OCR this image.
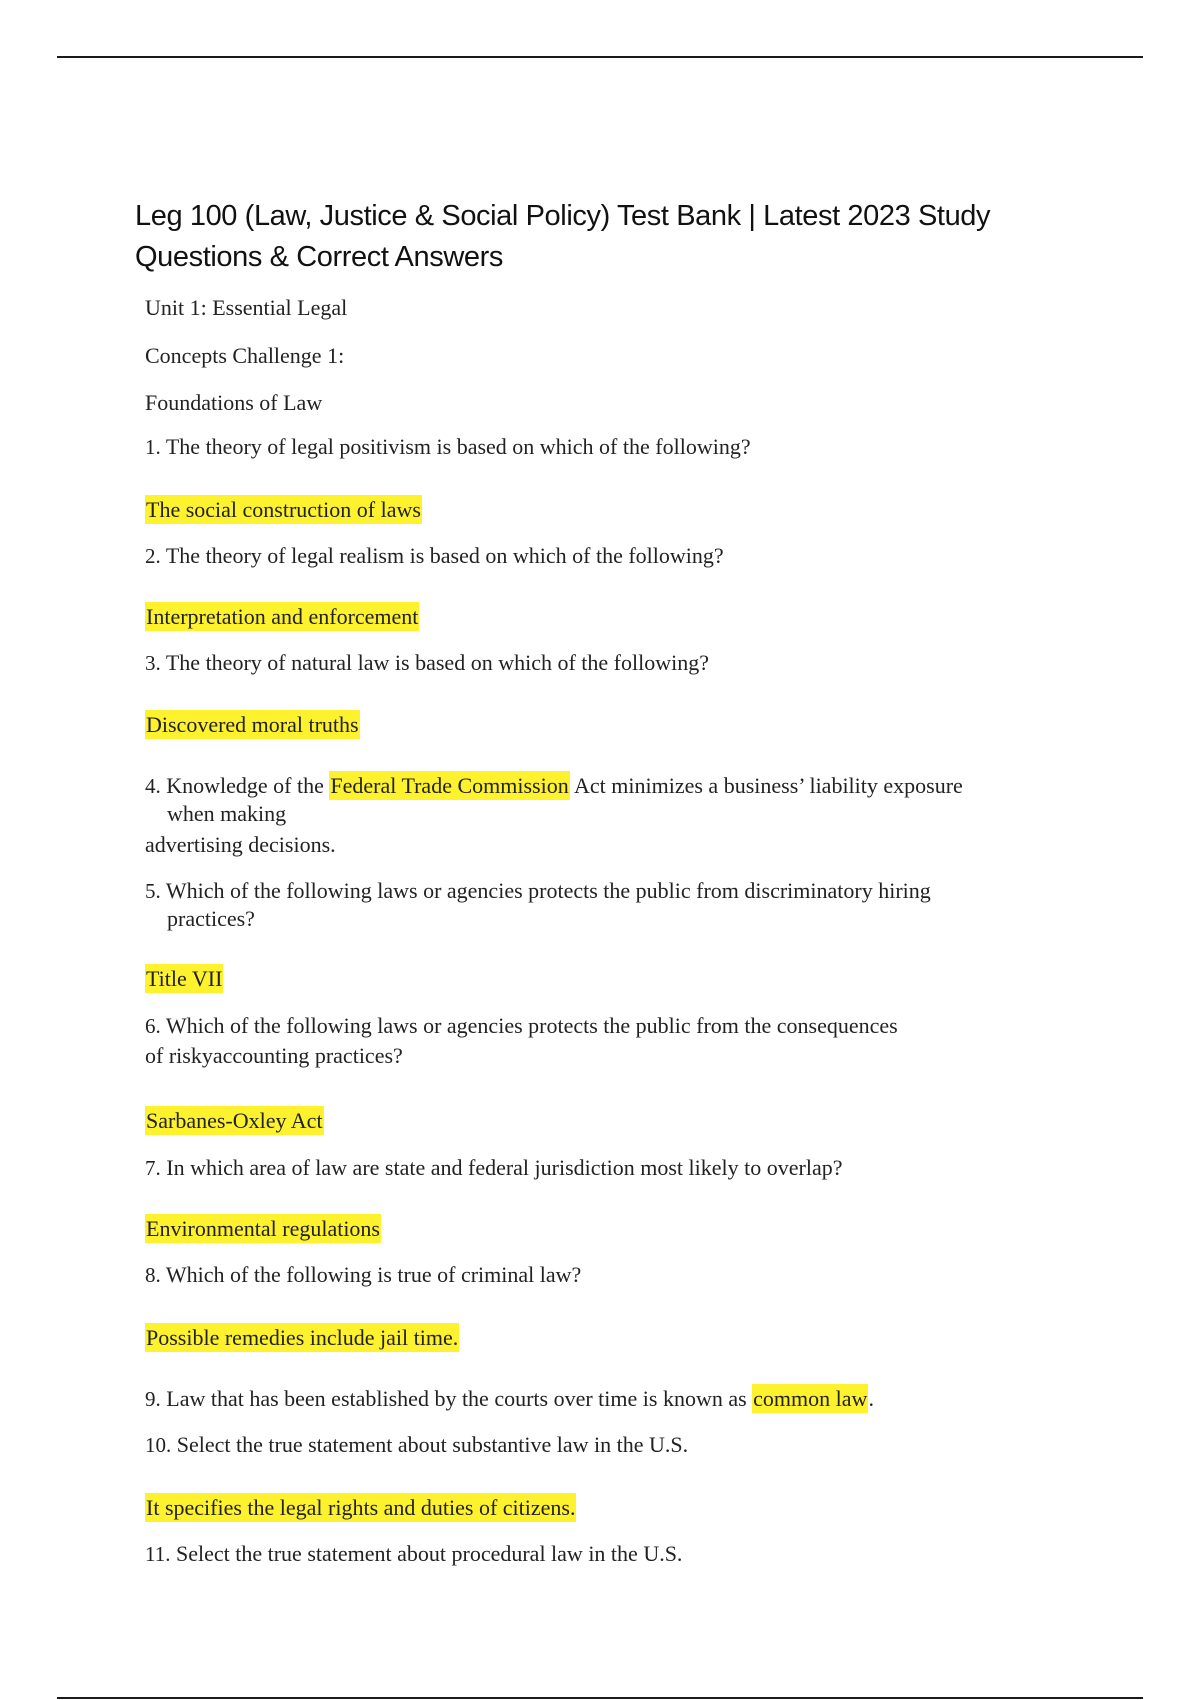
Leg 100 (Law, Justice & Social Policy) Test Bank | Latest 2023 Study Questions & Correct Answers

Unit 1: Essential Legal

Concepts Challenge 1:

Foundations of Law

1. The theory of legal positivism is based on which of the following?

The social construction of laws

2. The theory of legal realism is based on which of the following?

Interpretation and enforcement

3. The theory of natural law is based on which of the following?

Discovered moral truths

4. Knowledge of the Federal Trade Commission Act minimizes a business’ liability exposure

when making

advertising decisions.

5. Which of the following laws or agencies protects the public from discriminatory hiring

practices?

Title VII

6. Which of the following laws or agencies protects the public from the consequences

of riskyaccounting practices?

Sarbanes-Oxley Act

7. In which area of law are state and federal jurisdiction most likely to overlap?

Environmental regulations

8. Which of the following is true of criminal law?

Possible remedies include jail time.

9. Law that has been established by the courts over time is known as common law.

10. Select the true statement about substantive law in the U.S.

It specifies the legal rights and duties of citizens.

11. Select the true statement about procedural law in the U.S.
